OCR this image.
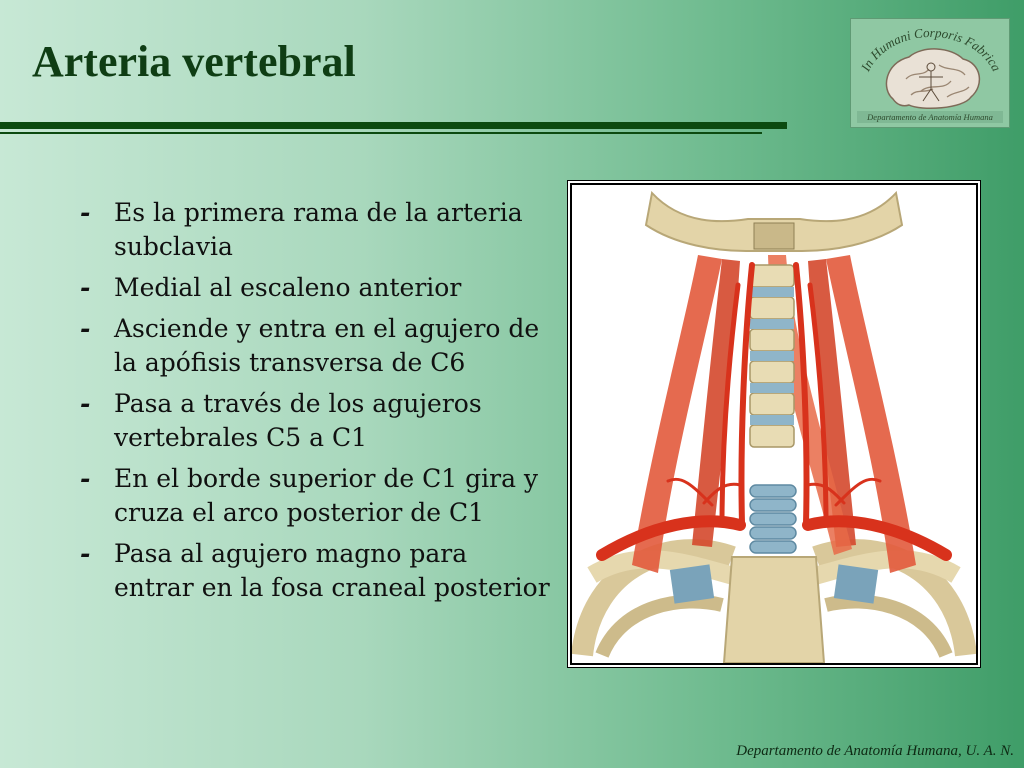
Arteria vertebral	In Humani Corporis Fabrica
Departamento de Anatomía Humana
- Es la primera rama de la arteria subclavia
- Medial al escaleno anterior
- Asciende y entra en el agujero de la apófisis transversa de C6
- Pasa a través de los agujeros vertebrales C5 a C1
- En el borde superior de C1 gira y cruza el arco posterior de C1
- Pasa al agujero magno para entrar en la fosa craneal posterior
Departamento de Anatomía Humana, U. A. N.
